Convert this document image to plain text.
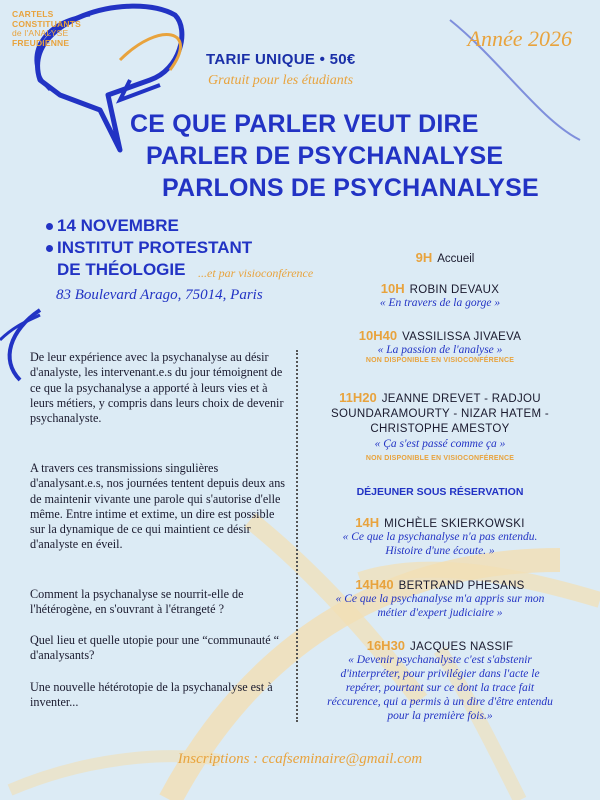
CARTELS
CONSTITUANTS
de l'ANALYSE
FREUDIENNE	Année 2026
TARIF UNIQUE • 50€
Gratuit pour les étudiants
CE QUE PARLER VEUT DIRE
PARLER DE PSYCHANALYSE
PARLONS DE PSYCHANALYSE
14 NOVEMBRE
INSTITUT PROTESTANT
DE THÉOLOGIE ...et par visioconférence
83 Boulevard Arago, 75014, Paris
De leur expérience avec la psychanalyse au désir d'analyste, les intervenant.e.s du jour témoignent de ce que la psychanalyse a apporté à leurs vies et à leurs métiers, y compris dans leurs choix de devenir psychanalyste.
A travers ces transmissions singulières d'analysant.e.s, nos journées tentent depuis deux ans de maintenir vivante une parole qui s'autorise d'elle même. Entre intime et extime, un dire est possible sur la dynamique de ce qui maintient ce désir d'analyste en éveil.
Comment la psychanalyse se nourrit-elle de l'hétérogène, en s'ouvrant à l'étrangeté ?
Quel lieu et quelle utopie pour une “communauté “ d'analysants?
Une nouvelle hétérotopie de la psychanalyse est à inventer...
9H Accueil
10H ROBIN DEVAUX
« En travers de la gorge »
10H40 VASSILISSA JIVAEVA
« La passion de l'analyse »
NON DISPONIBLE EN VISIOCONFÉRENCE
11H20 JEANNE DREVET - RADJOU
SOUNDARAMOURTY - NIZAR HATEM -
CHRISTOPHE AMESTOY
« Ça s'est passé comme ça »
NON DISPONIBLE EN VISIOCONFÉRENCE
DÉJEUNER SOUS RÉSERVATION
14H MICHÈLE SKIERKOWSKI
« Ce que la psychanalyse n'a pas entendu.
Histoire d'une écoute. »
14H40 BERTRAND PHESANS
« Ce que la psychanalyse m'a appris sur mon
métier d'expert judiciaire »
16H30 JACQUES NASSIF
« Devenir psychanalyste c'est s'abstenir
d'interpréter, pour privilégier dans l'acte le
repérer, pourtant sur ce dont la trace fait
réccurence, qui a permis à un dire d'être entendu
pour la première fois.»
Inscriptions : ccafseminaire@gmail.com
